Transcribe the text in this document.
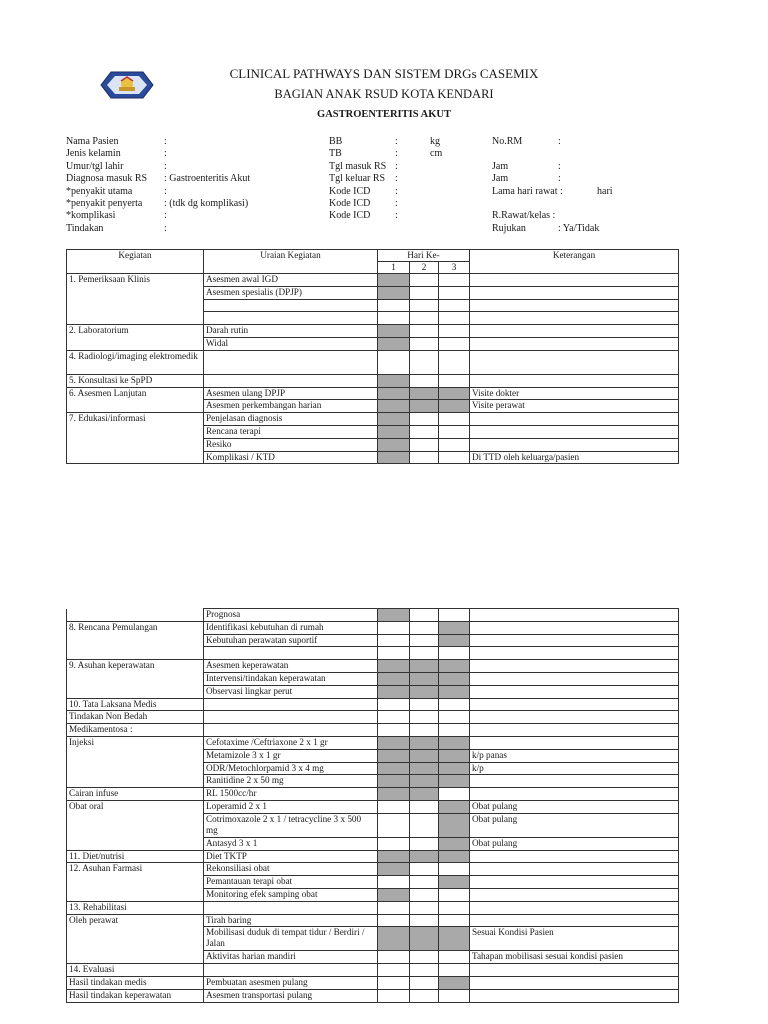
CLINICAL PATHWAYS DAN SISTEM DRGs CASEMIX
BAGIAN ANAK RSUD KOTA KENDARI
GASTROENTERITIS AKUT
Nama Pasien	:
Jenis kelamin	:
Umur/tgl lahir	:
Diagnosa masuk RS : Gastroenteritis Akut
*penyakit utama	:
*penyakit penyerta : (tdk dg komplikasi)
*komplikasi	:
Tindakan	:
BB	:	kg
TB	:	cm
Tgl masuk RS :
Tgl keluar RS :
Kode ICD :
Kode ICD :
Kode ICD :
No.RM	:
Jam	:
Jam	:
Lama hari rawat :	hari
R.Rawat/kelas :
Rujukan	: Ya/Tidak
Kegiatan	Uraian Kegiatan	Hari Ke-			Keterangan
		1	2	3	
1. Pemeriksaan Klinis	Asesmen awal IGD				
	Asesmen spesialis (DPJP)				

2. Laboratorium	Darah rutin				
	Widal				
4. Radiologi/imaging elektromedik					
5. Konsultasi ke SpPD					
6. Asesmen Lanjutan	Asesmen ulang DPJP				Visite dokter
	Asesmen perkembangan harian				Visite perawat
7. Edukasi/informasi	Penjelasan diagnosis				
	Rencana terapi				
	Resiko				
	Komplikasi / KTD				Di TTD oleh keluarga/pasien
	Prognosa				
8. Rencana Pemulangan	Identifikasi kebutuhan di rumah				
	Kebutuhan perawatan suportif				

9. Asuhan keperawatan	Asesmen keperawatan				
	Intervensi/tindakan keperawatan				
	Observasi lingkar perut				
10. Tata Laksana Medis					
Tindakan Non Bedah					
Medikamentosa :					
Injeksi	Cefotaxime /Ceftriaxone 2 x 1 gr				
	Metamizole 3 x 1 gr				k/p panas
	ODR/Metochlorpamid 3 x 4 mg				k/p
	Ranitidine 2 x 50 mg				
Cairan infuse	RL 1500cc/hr				
Obat oral	Loperamid 2 x 1				Obat pulang
	Cotrimoxazole 2 x 1 / tetracycline 3 x 500 mg				Obat pulang
	Antasyd 3 x 1				Obat pulang
11. Diet/nutrisi	Diet TKTP				
12. Asuhan Farmasi	Rekonsiliasi obat				
	Pemantauan terapi obat				
	Monitoring efek samping obat				
13. Rehabilitasi					
Oleh perawat	Tirah baring				
	Mobilisasi duduk di tempat tidur / Berdiri / Jalan				Sesuai Kondisi Pasien
	Aktivitas harian mandiri				Tahapan mobilisasi sesuai kondisi pasien
14. Evaluasi					
Hasil tindakan medis	Pembuatan asesmen pulang				
Hasil tindakan keperawatan	Asesmen transportasi pulang				
